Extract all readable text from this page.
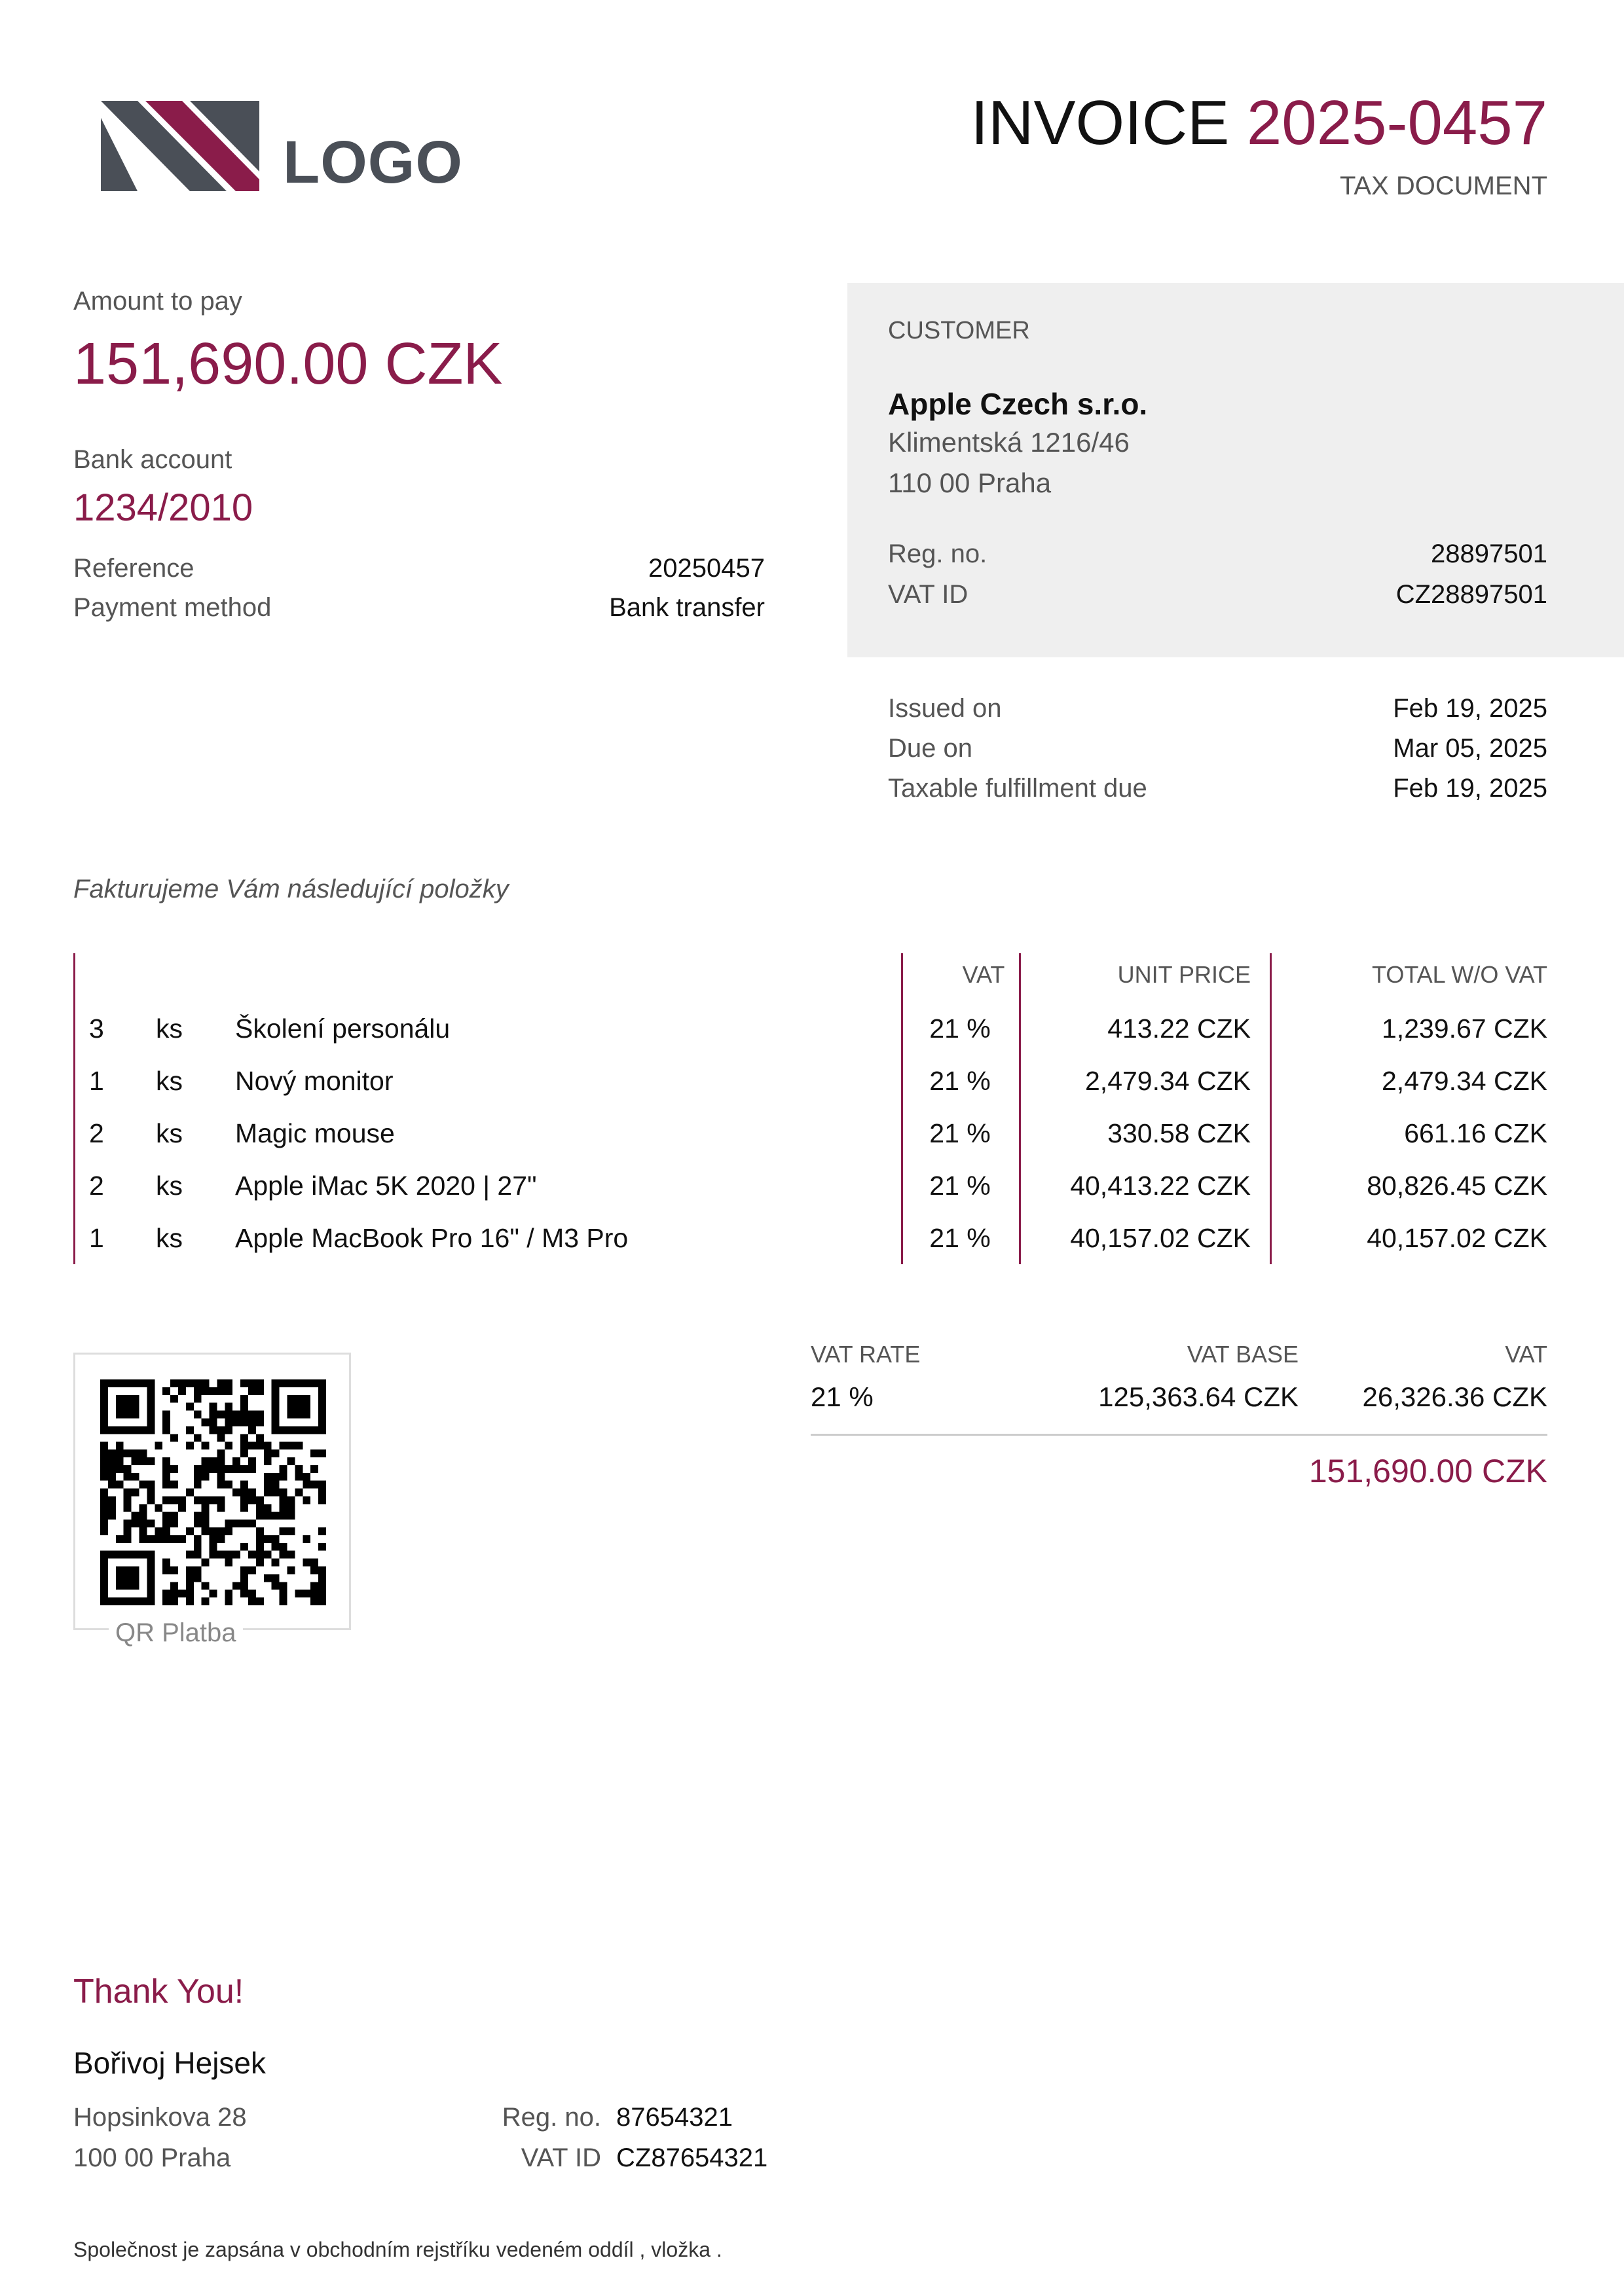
LOGO
INVOICE 2025-0457
TAX DOCUMENT
Amount to pay
151,690.00 CZK
Bank account
1234/2010
Reference	20250457
Payment method	Bank transfer
CUSTOMER
Apple Czech s.r.o.
Klimentská 1216/46
110 00 Praha
Reg. no.	28897501
VAT ID	CZ28897501
Issued on	Feb 19, 2025
Due on	Mar 05, 2025
Taxable fulfillment due	Feb 19, 2025
Fakturujeme Vám následující položky
VAT	UNIT PRICE	TOTAL W/O VAT
3 ks Školení personálu	21 %	413.22 CZK	1,239.67 CZK
1 ks Nový monitor	21 %	2,479.34 CZK	2,479.34 CZK
2 ks Magic mouse	21 %	330.58 CZK	661.16 CZK
2 ks Apple iMac 5K 2020 | 27"	21 %	40,413.22 CZK	80,826.45 CZK
1 ks Apple MacBook Pro 16" / M3 Pro	21 %	40,157.02 CZK	40,157.02 CZK
QR Platba
VAT RATE	VAT BASE	VAT
21 %	125,363.64 CZK 26,326.36 CZK
151,690.00 CZK
Thank You!
Bořivoj Hejsek
Hopsinkova 28
100 00 Praha
Reg. no. 87654321
VAT ID CZ87654321
Společnost je zapsána v obchodním rejstříku vedeném oddíl , vložka .
